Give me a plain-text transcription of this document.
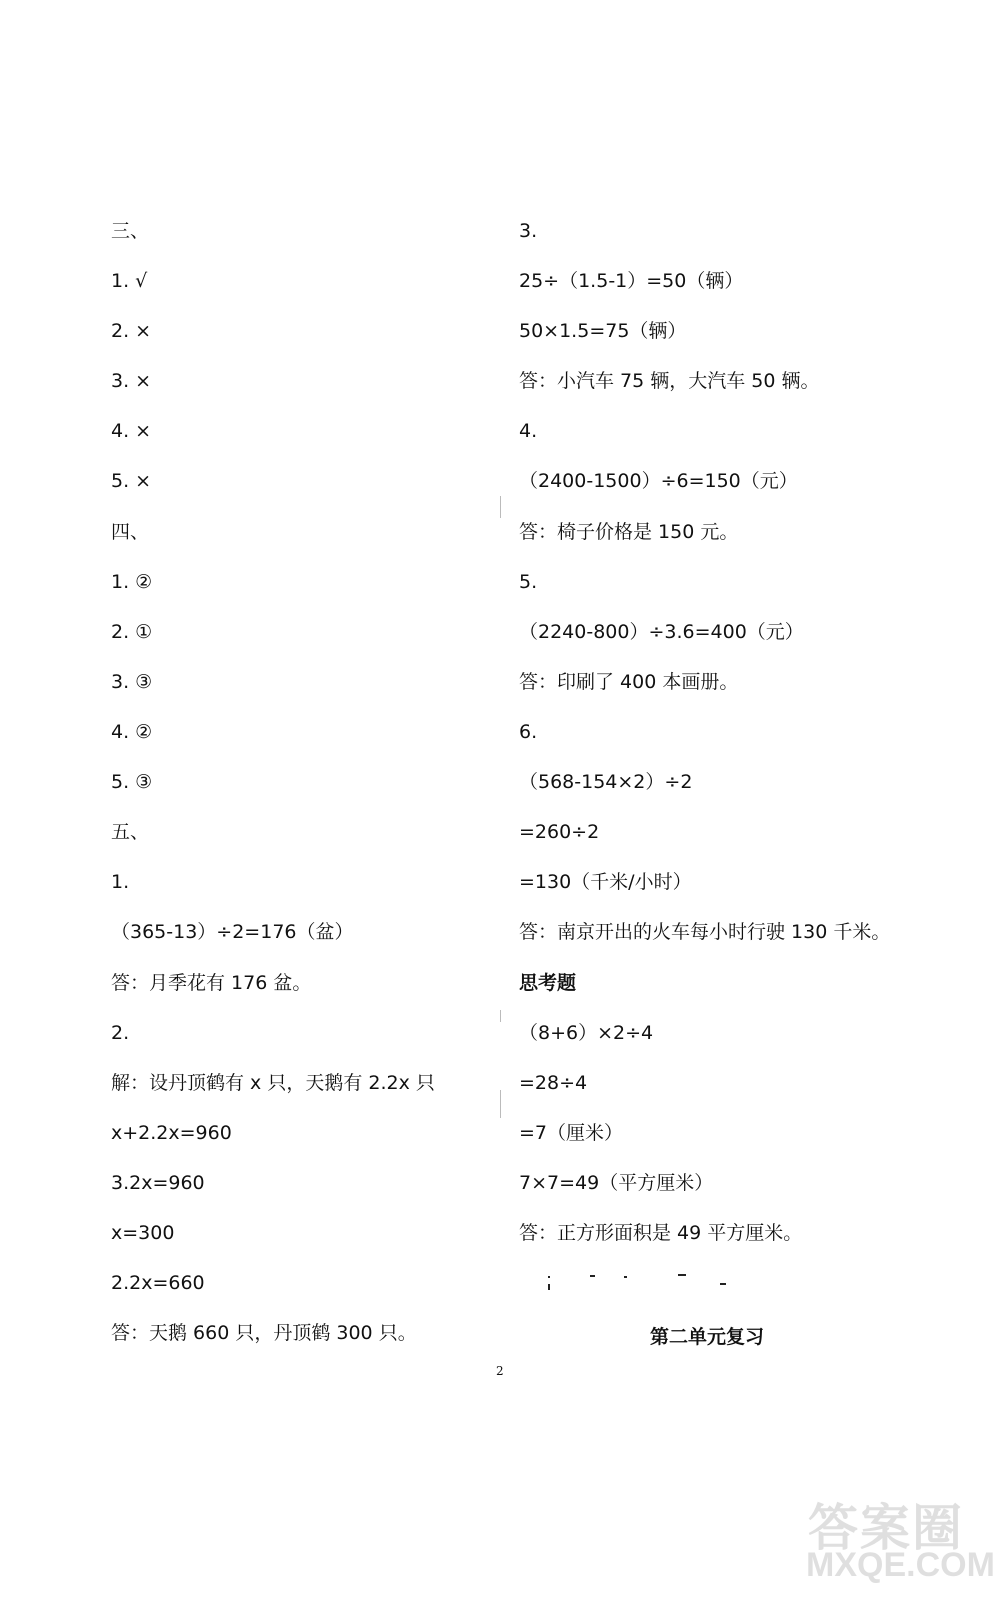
三、
1. √
2. ×
3. ×
4. ×
5. ×
四、
1. ②
2. ①
3. ③
4. ②
5. ③
五、
1.
（365-13）÷2=176（盆）
答：月季花有 176 盆。
2.
解：设丹顶鹤有 x 只，天鹅有 2.2x 只
x+2.2x=960
3.2x=960
x=300
2.2x=660
答：天鹅 660 只，丹顶鹤 300 只。
3.
25÷（1.5-1）=50（辆）
50×1.5=75（辆）
答：小汽车 75 辆，大汽车 50 辆。
4.
（2400-1500）÷6=150（元）
答：椅子价格是 150 元。
5.
（2240-800）÷3.6=400（元）
答：印刷了 400 本画册。
6.
（568-154×2）÷2
=260÷2
=130（千米/小时）
答：南京开出的火车每小时行驶 130 千米。
思考题
（8+6）×2÷4
=28÷4
=7（厘米）
7×7=49（平方厘米）
答：正方形面积是 49 平方厘米。
第二单元复习
2
答案圈
MXQE.COM
